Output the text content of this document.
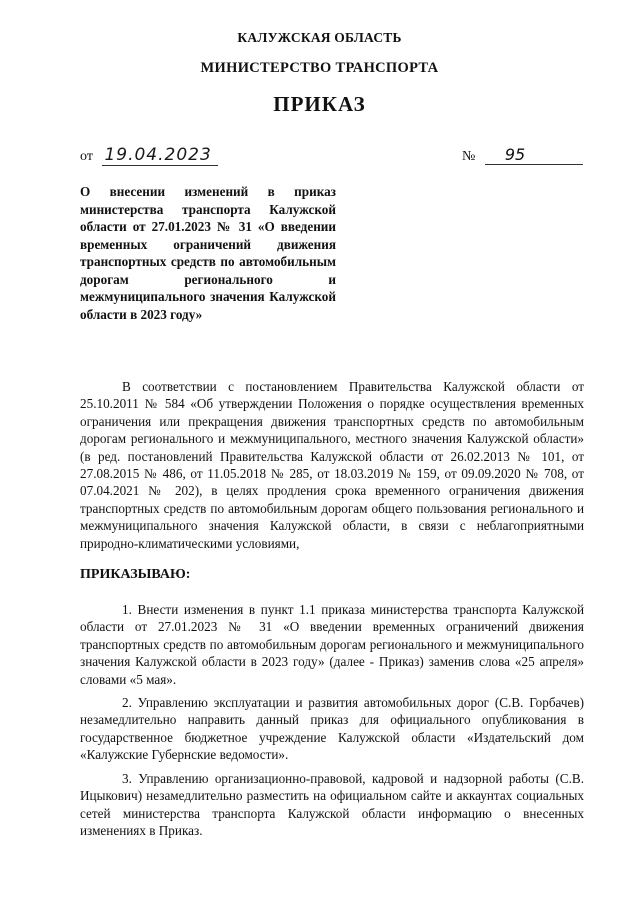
КАЛУЖСКАЯ ОБЛАСТЬ
МИНИСТЕРСТВО ТРАНСПОРТА
ПРИКАЗ
от 19.04.2023	№ 95
О внесении изменений в приказ министерства транспорта Калужской области от 27.01.2023 № 31 «О введении временных ограничений движения транспортных средств по автомобильным дорогам регионального и межмуниципального значения Калужской области в 2023 году»

В соответствии с постановлением Правительства Калужской области от 25.10.2011 № 584 «Об утверждении Положения о порядке осуществления временных ограничения или прекращения движения транспортных средств по автомобильным дорогам регионального и межмуниципального, местного значения Калужской области» (в ред. постановлений Правительства Калужской области от 26.02.2013 № 101, от 27.08.2015 № 486, от 11.05.2018 № 285, от 18.03.2019 № 159, от 09.09.2020 № 708, от 07.04.2021 № 202), в целях продления срока временного ограничения движения транспортных средств по автомобильным дорогам общего пользования регионального и межмуниципального значения Калужской области, в связи с неблагоприятными природно-климатическими условиями,

ПРИКАЗЫВАЮ:

1. Внести изменения в пункт 1.1 приказа министерства транспорта Калужской области от 27.01.2023 № 31 «О введении временных ограничений движения транспортных средств по автомобильным дорогам регионального и межмуниципального значения Калужской области в 2023 году» (далее - Приказ) заменив слова «25 апреля» словами «5 мая».

2. Управлению эксплуатации и развития автомобильных дорог (С.В. Горбачев) незамедлительно направить данный приказ для официального опубликования в государственное бюджетное учреждение Калужской области «Издательский дом «Калужские Губернские ведомости».

3. Управлению организационно-правовой, кадровой и надзорной работы (С.В. Ицыкович) незамедлительно разместить на официальном сайте и аккаунтах социальных сетей министерства транспорта Калужской области информацию о внесенных изменениях в Приказ.
